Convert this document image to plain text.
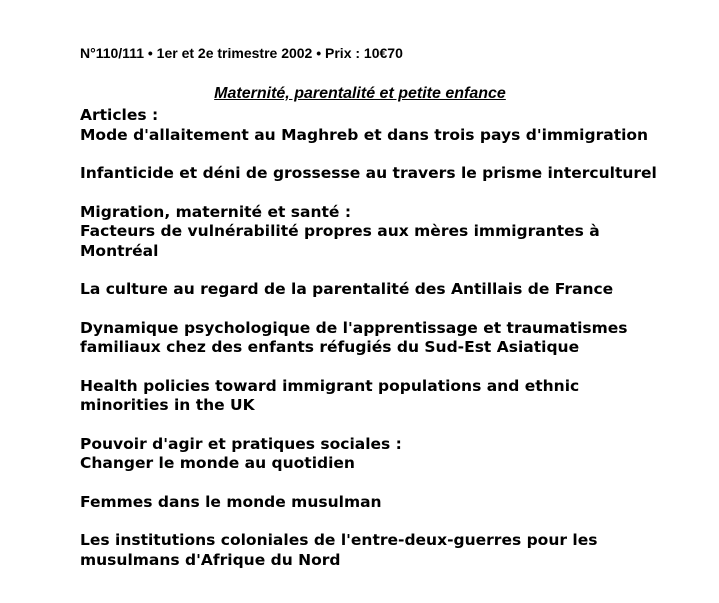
N°110/111 • 1er et 2e trimestre 2002 • Prix : 10€70
Maternité, parentalité et petite enfance
Articles :
Mode d'allaitement au Maghreb et dans trois pays d'immigration
Infanticide et déni de grossesse au travers le prisme interculturel
Migration, maternité et santé :
Facteurs de vulnérabilité propres aux mères immigrantes à
Montréal
La culture au regard de la parentalité des Antillais de France
Dynamique psychologique de l'apprentissage et traumatismes
familiaux chez des enfants réfugiés du Sud-Est Asiatique
Health policies toward immigrant populations and ethnic
minorities in the UK
Pouvoir d'agir et pratiques sociales :
Changer le monde au quotidien
Femmes dans le monde musulman
Les institutions coloniales de l'entre-deux-guerres pour les
musulmans d'Afrique du Nord
